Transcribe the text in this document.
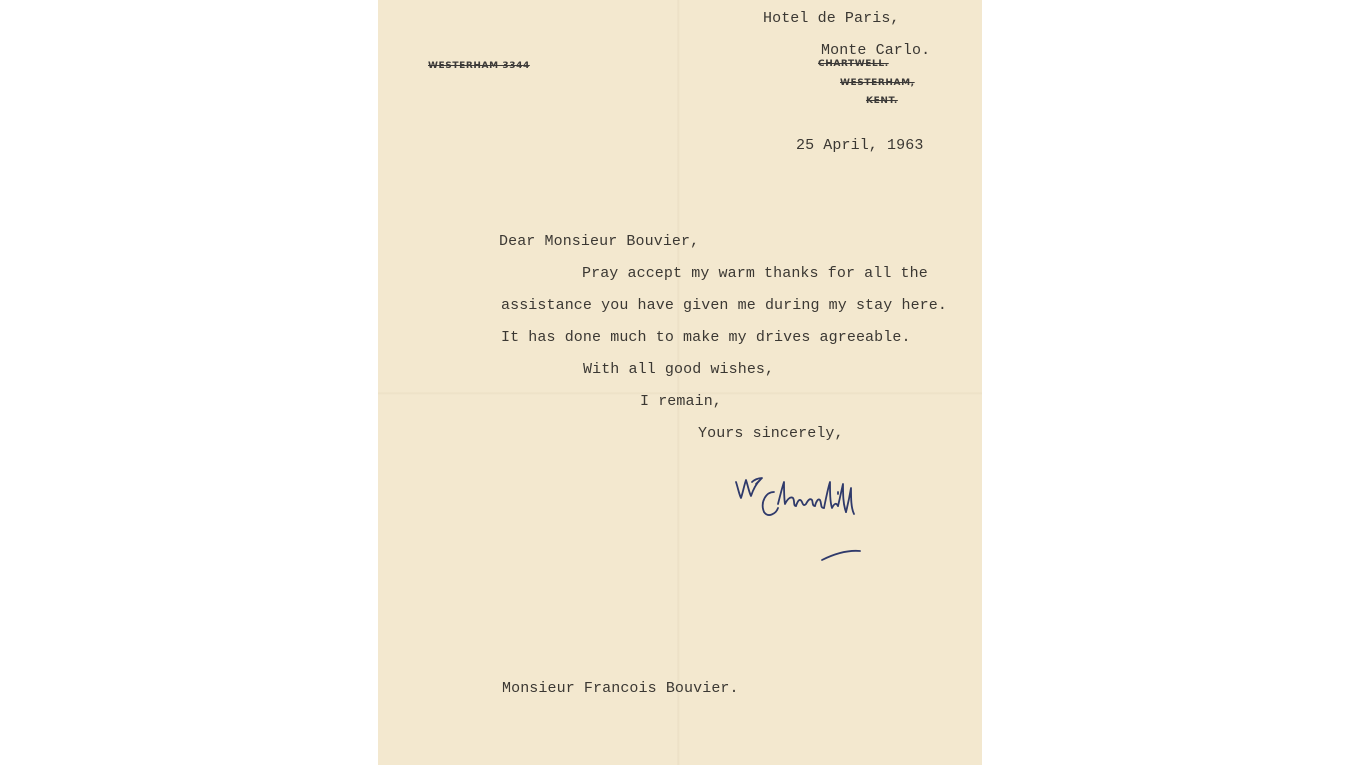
WESTERHAM 3344	CHARTWELL.
WESTERHAM,
KENT.
Hotel de Paris,
Monte Carlo.
25 April, 1963
Dear Monsieur Bouvier,
Pray accept my warm thanks for all the
assistance you have given me during my stay here.
It has done much to make my drives agreeable.
With all good wishes,
I remain,
Yours sincerely,
Monsieur Francois Bouvier.
